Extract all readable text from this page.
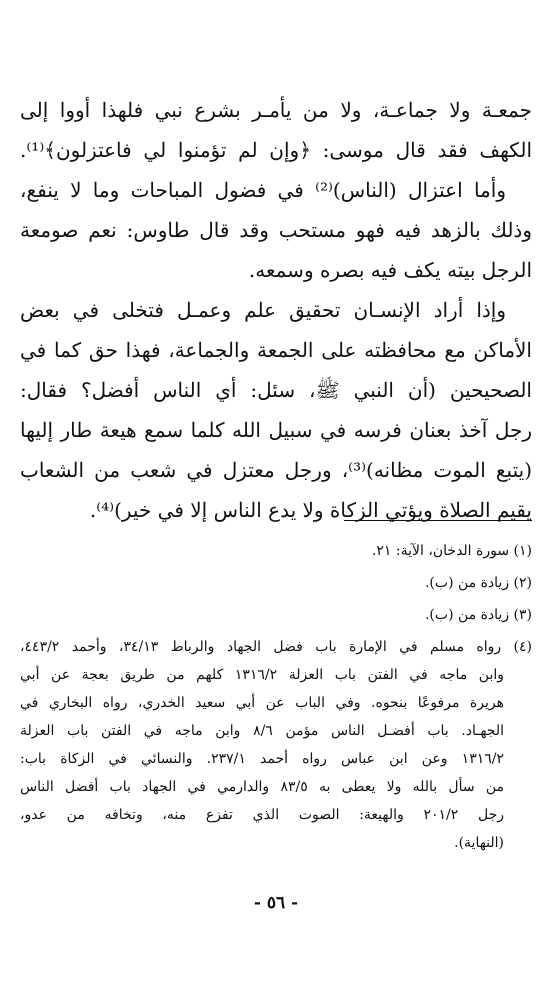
جمعـة ولا جماعـة، ولا من يأمـر بشرع نبي فلهذا أووا إلى
الكهف فقد قال موسى: ﴿وإن لم تؤمنوا لي فاعتزلون﴾⁽¹⁾.
وأما اعتزال (الناس)⁽²⁾ في فضول المباحات وما لا ينفع،
وذلك بالزهد فيه فهو مستحب وقد قال طاوس: نعم صومعة
الرجل بيته يكف فيه بصره وسمعه.
وإذا أراد الإنسـان تحقيق علم وعمـل فتخلى في بعض
الأماكن مع محافظته على الجمعة والجماعة، فهذا حق كما في
الصحيحين (أن النبي ﷺ، سئل: أي الناس أفضل؟ فقال:
رجل آخذ بعنان فرسه في سبيل الله كلما سمع هيعة طار إليها
(يتبع الموت مظانه)⁽³⁾، ورجل معتزل في شعب من الشعاب
يقيم الصلاة ويؤتي الزكاة ولا يدع الناس إلا في خير)⁽⁴⁾.
(١) سورة الدخان، الآية: ٢١.
(٢) زيادة من (ب).
(٣) زيادة من (ب).
(٤) رواه مسلم في الإمارة باب فضل الجهاد والرباط ٣٤/١٣، وأحمد ٤٤٣/٢،
وابن ماجه في الفتن باب العزلة ١٣١٦/٢ كلهم من طريق بعجة عن أبي
هريرة مرفوعًا بنحوه. وفي الباب عن أبي سعيد الخدري، رواه البخاري في
الجهـاد. باب أفضـل الناس مؤمن ٨/٦ وابن ماجه في الفتن باب العزلة
١٣١٦/٢ وعن ابن عباس رواه أحمد ٢٣٧/١. والنسائي في الزكاة باب:
من سأل بالله ولا يعطى به ٨٣/٥ والدارمي في الجهاد باب أفضل الناس
رجل ٢٠١/٢ والهيعة: الصوت الذي تفزع منه، وتخافه من عدو،
(النهاية).
- ٥٦ -
